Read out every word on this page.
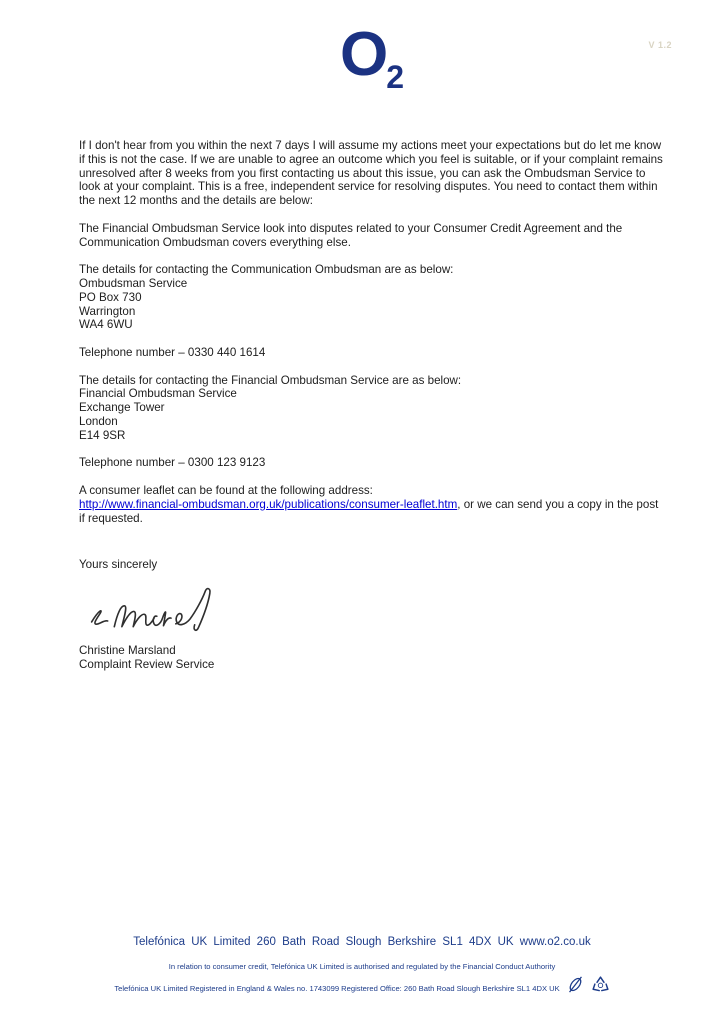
V 1.2
O2

If I don't hear from you within the next 7 days I will assume my actions meet your expectations but do let me know if this is not the case. If we are unable to agree an outcome which you feel is suitable, or if your complaint remains unresolved after 8 weeks from you first contacting us about this issue, you can ask the Ombudsman Service to look at your complaint. This is a free, independent service for resolving disputes. You need to contact them within the next 12 months and the details are below:

The Financial Ombudsman Service look into disputes related to your Consumer Credit Agreement and the Communication Ombudsman covers everything else.

The details for contacting the Communication Ombudsman are as below:
Ombudsman Service
PO Box 730
Warrington
WA4 6WU

Telephone number – 0330 440 1614

The details for contacting the Financial Ombudsman Service are as below:
Financial Ombudsman Service
Exchange Tower
London
E14 9SR

Telephone number – 0300 123 9123

A consumer leaflet can be found at the following address:
http://www.financial-ombudsman.org.uk/publications/consumer-leaflet.htm, or we can send you a copy in the post if requested.

Yours sincerely

Christine Marsland
Complaint Review Service

Telefónica UK Limited 260 Bath Road Slough Berkshire SL1 4DX UK www.o2.co.uk
In relation to consumer credit, Telefónica UK Limited is authorised and regulated by the Financial Conduct Authority
Telefónica UK Limited Registered in England & Wales no. 1743099 Registered Office: 260 Bath Road Slough Berkshire SL1 4DX UK
